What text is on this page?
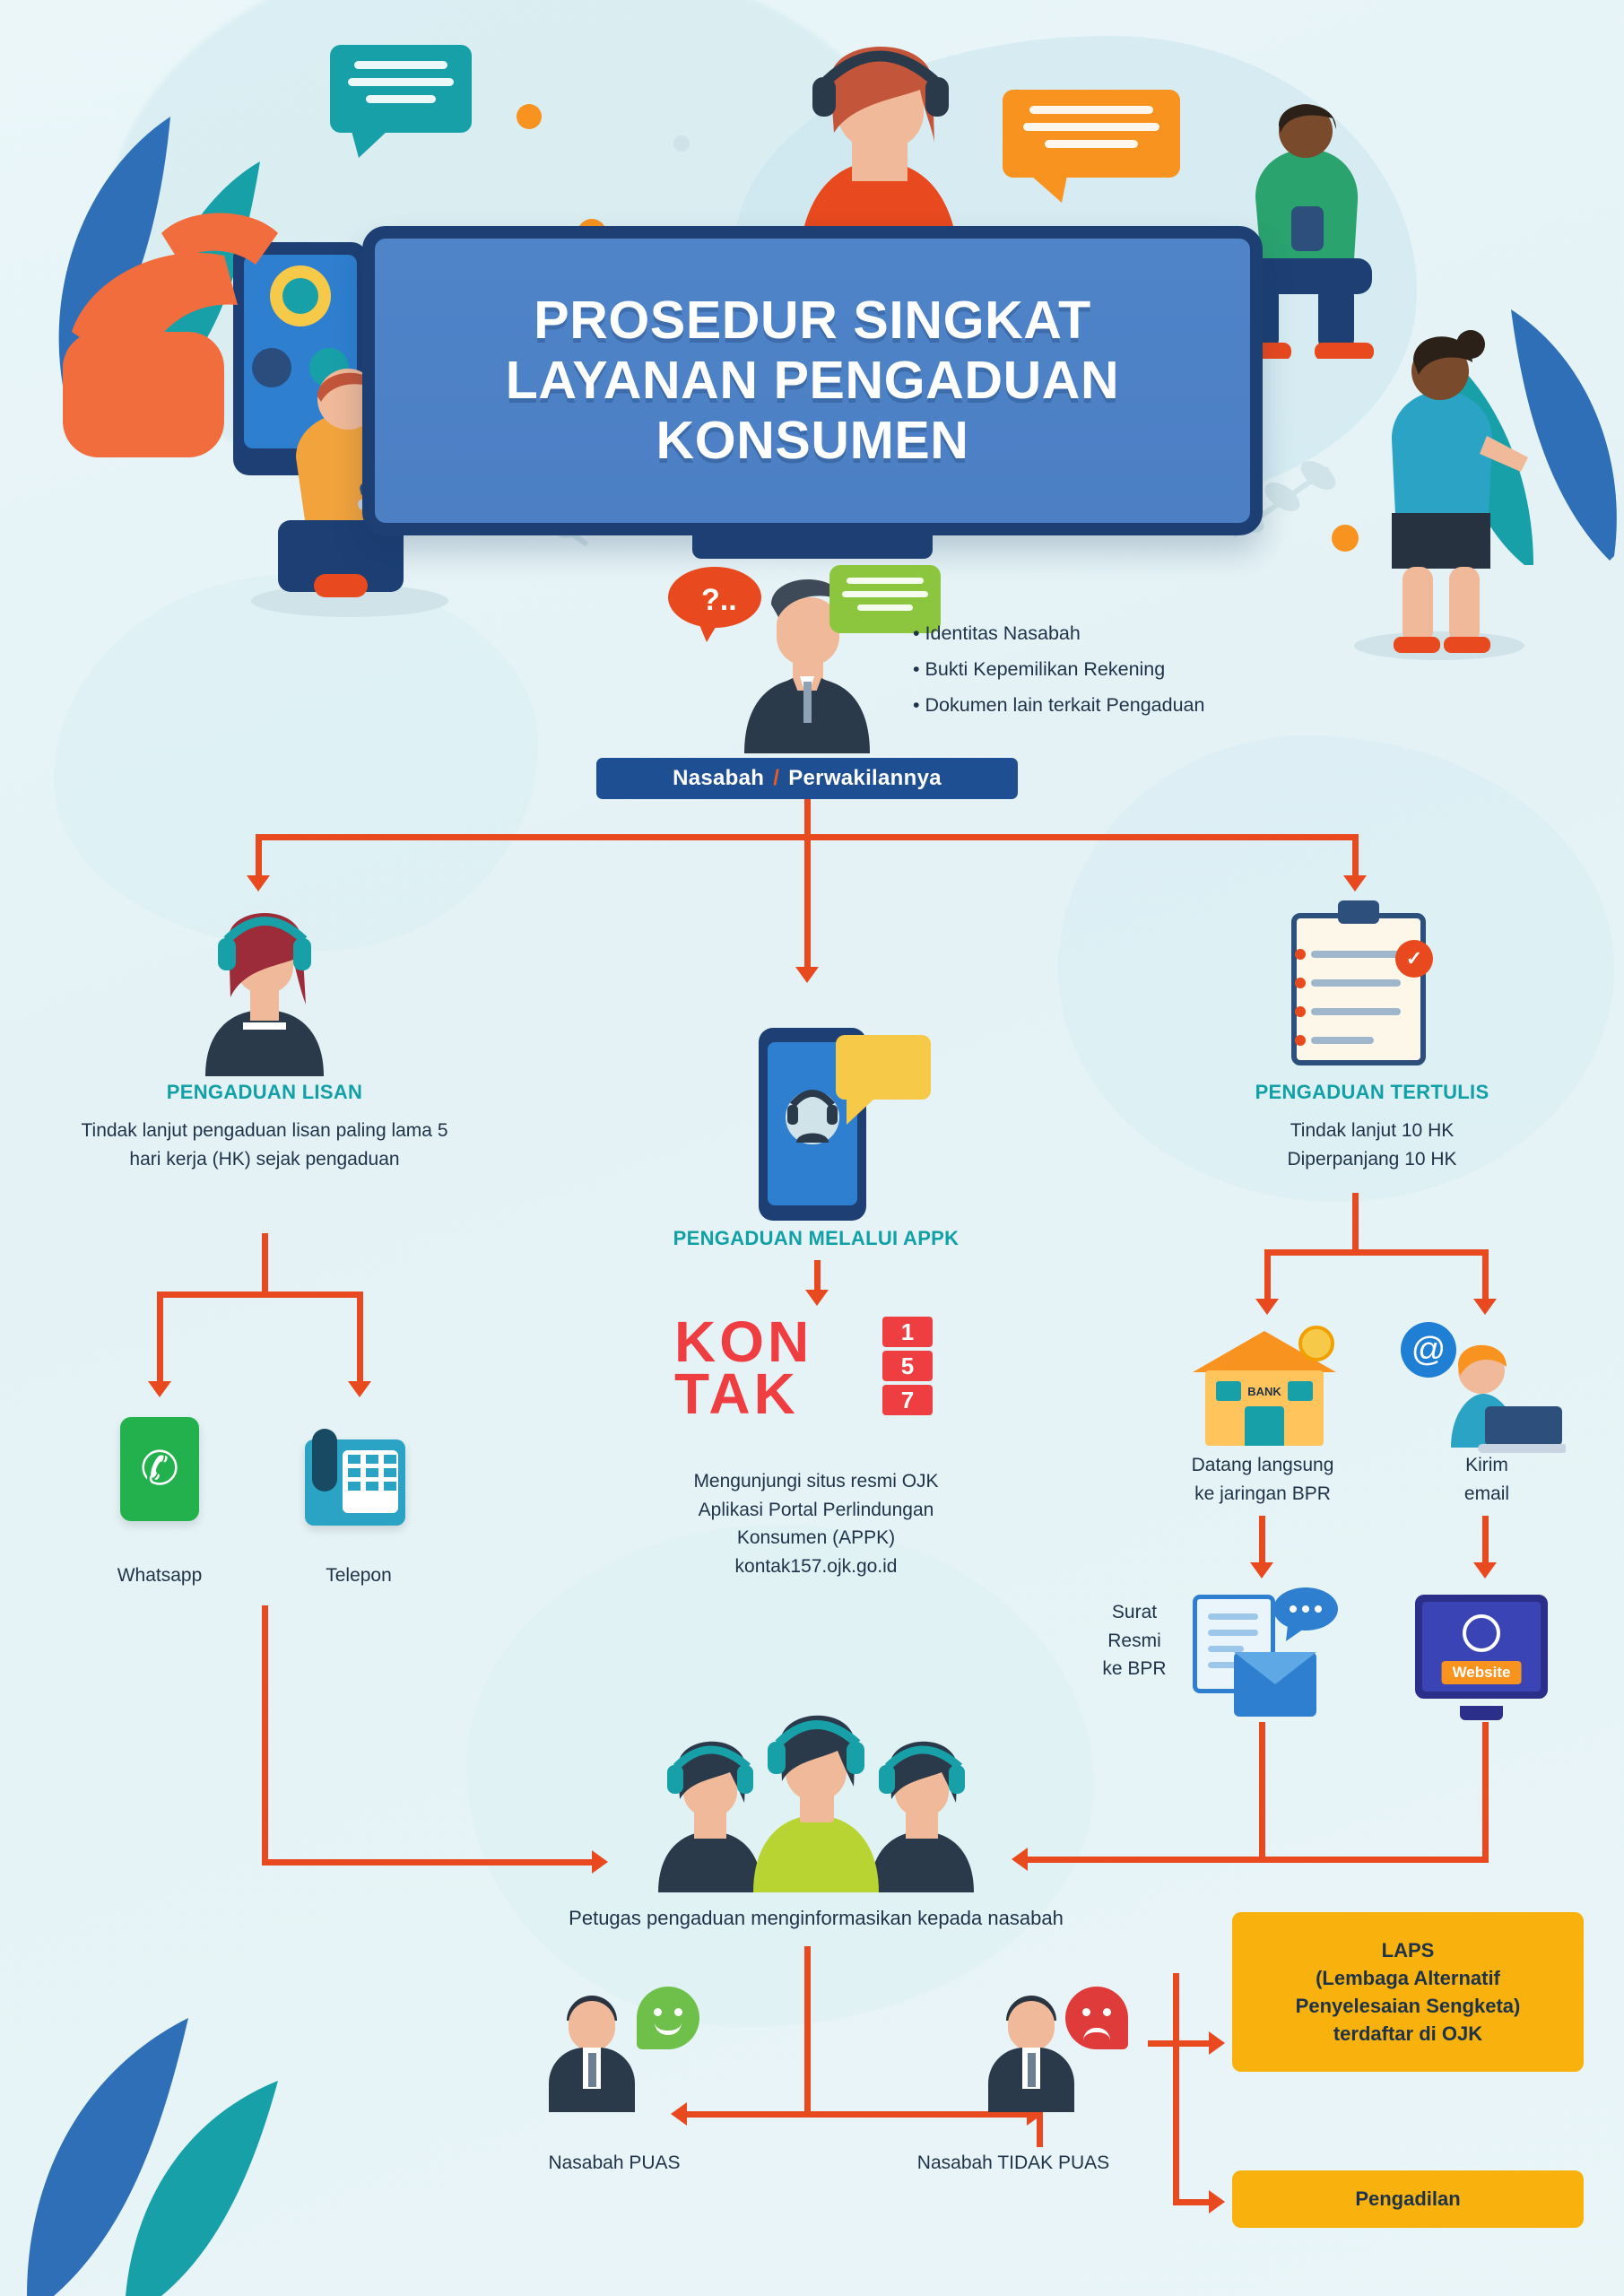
PROSEDUR SINGKAT
LAYANAN PENGADUAN
KONSUMEN
?..
• Identitas Nasabah
• Bukti Kepemilikan Rekening
• Dokumen lain terkait Pengaduan
Nasabah / Perwakilannya
PENGADUAN LISAN
Tindak lanjut pengaduan lisan paling lama 5 hari kerja (HK) sejak pengaduan
✆
Whatsapp	Telepon
PENGADUAN MELALUI APPK
KON
TAK
1
5
7
Mengunjungi situs resmi OJK
Aplikasi Portal Perlindungan
Konsumen (APPK)
kontak157.ojk.go.id
✓
PENGADUAN TERTULIS
Tindak lanjut 10 HK
Diperpanjang 10 HK
BANK
Datang langsung
ke jaringan BPR
@
Kirim
email
Surat
Resmi
ke BPR	Website
Petugas pengaduan menginformasikan kepada nasabah
Nasabah PUAS	Nasabah TIDAK PUAS
LAPS
(Lembaga Alternatif
Penyelesaian Sengketa)
terdaftar di OJK
Pengadilan
